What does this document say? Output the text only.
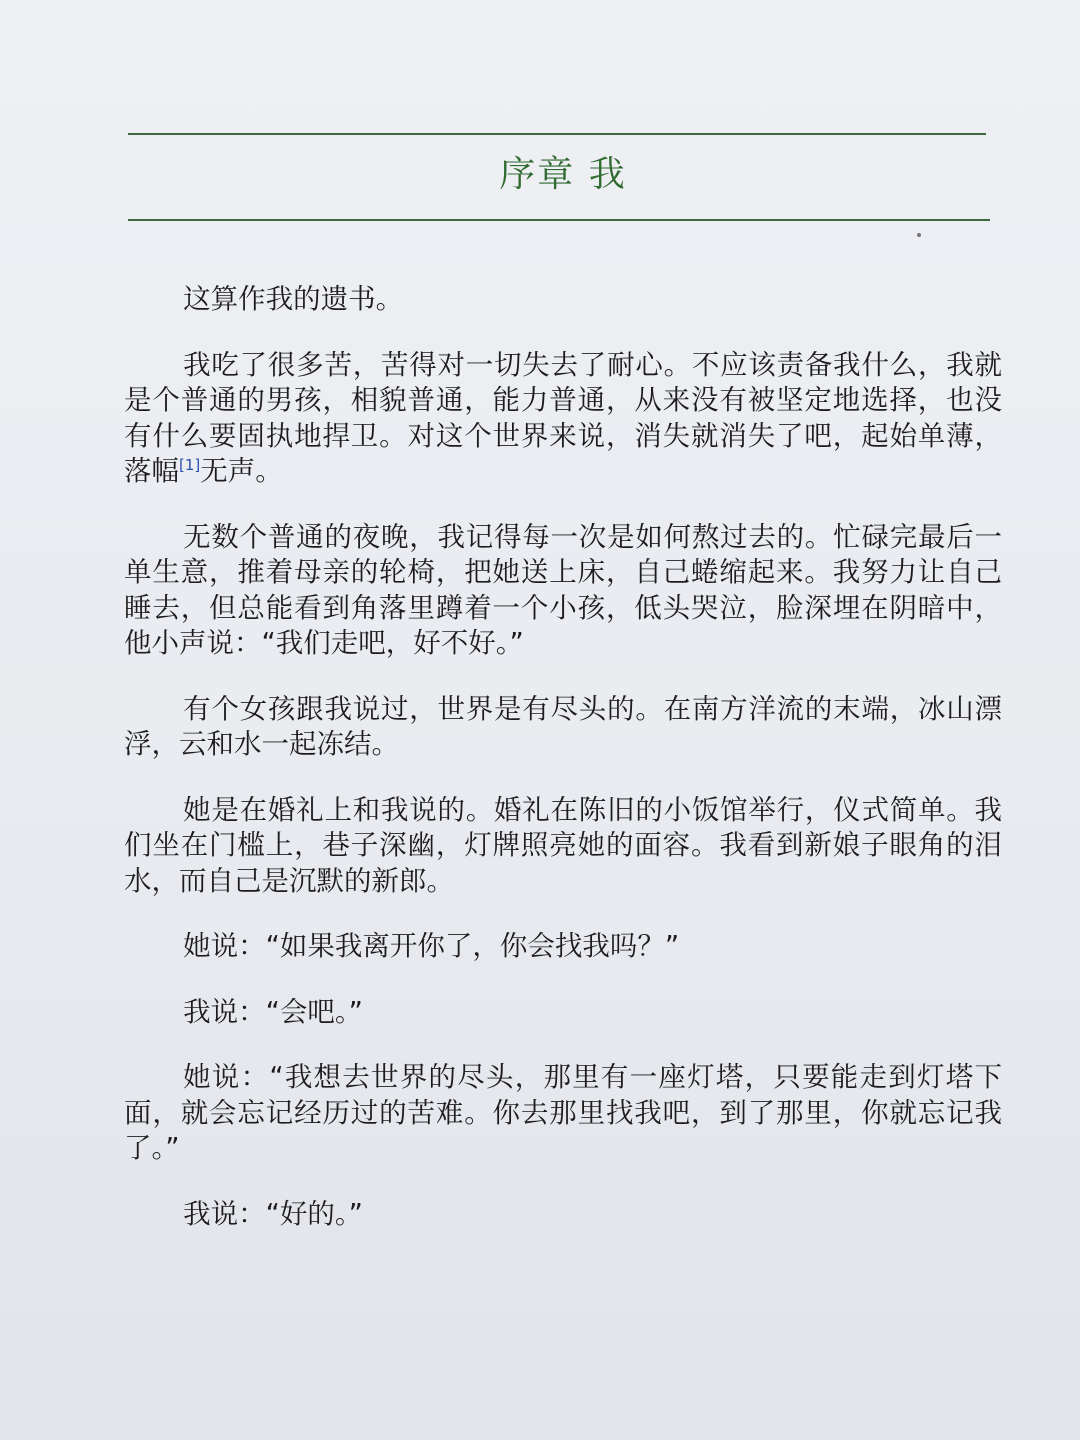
序章 我

这算作我的遗书。

我吃了很多苦，苦得对一切失去了耐心。不应该责备我什么，我就是个普通的男孩，相貌普通，能力普通，从来没有被坚定地选择，也没有什么要固执地捍卫。对这个世界来说，消失就消失了吧，起始单薄，落幅[1]无声。

无数个普通的夜晚，我记得每一次是如何熬过去的。忙碌完最后一单生意，推着母亲的轮椅，把她送上床，自己蜷缩起来。我努力让自己睡去，但总能看到角落里蹲着一个小孩，低头哭泣，脸深埋在阴暗中，他小声说：“我们走吧，好不好。”

有个女孩跟我说过，世界是有尽头的。在南方洋流的末端，冰山漂浮，云和水一起冻结。

她是在婚礼上和我说的。婚礼在陈旧的小饭馆举行，仪式简单。我们坐在门槛上，巷子深幽，灯牌照亮她的面容。我看到新娘子眼角的泪水，而自己是沉默的新郎。

她说：“如果我离开你了，你会找我吗？”

我说：“会吧。”

她说：“我想去世界的尽头，那里有一座灯塔，只要能走到灯塔下面，就会忘记经历过的苦难。你去那里找我吧，到了那里，你就忘记我了。”

我说：“好的。”
